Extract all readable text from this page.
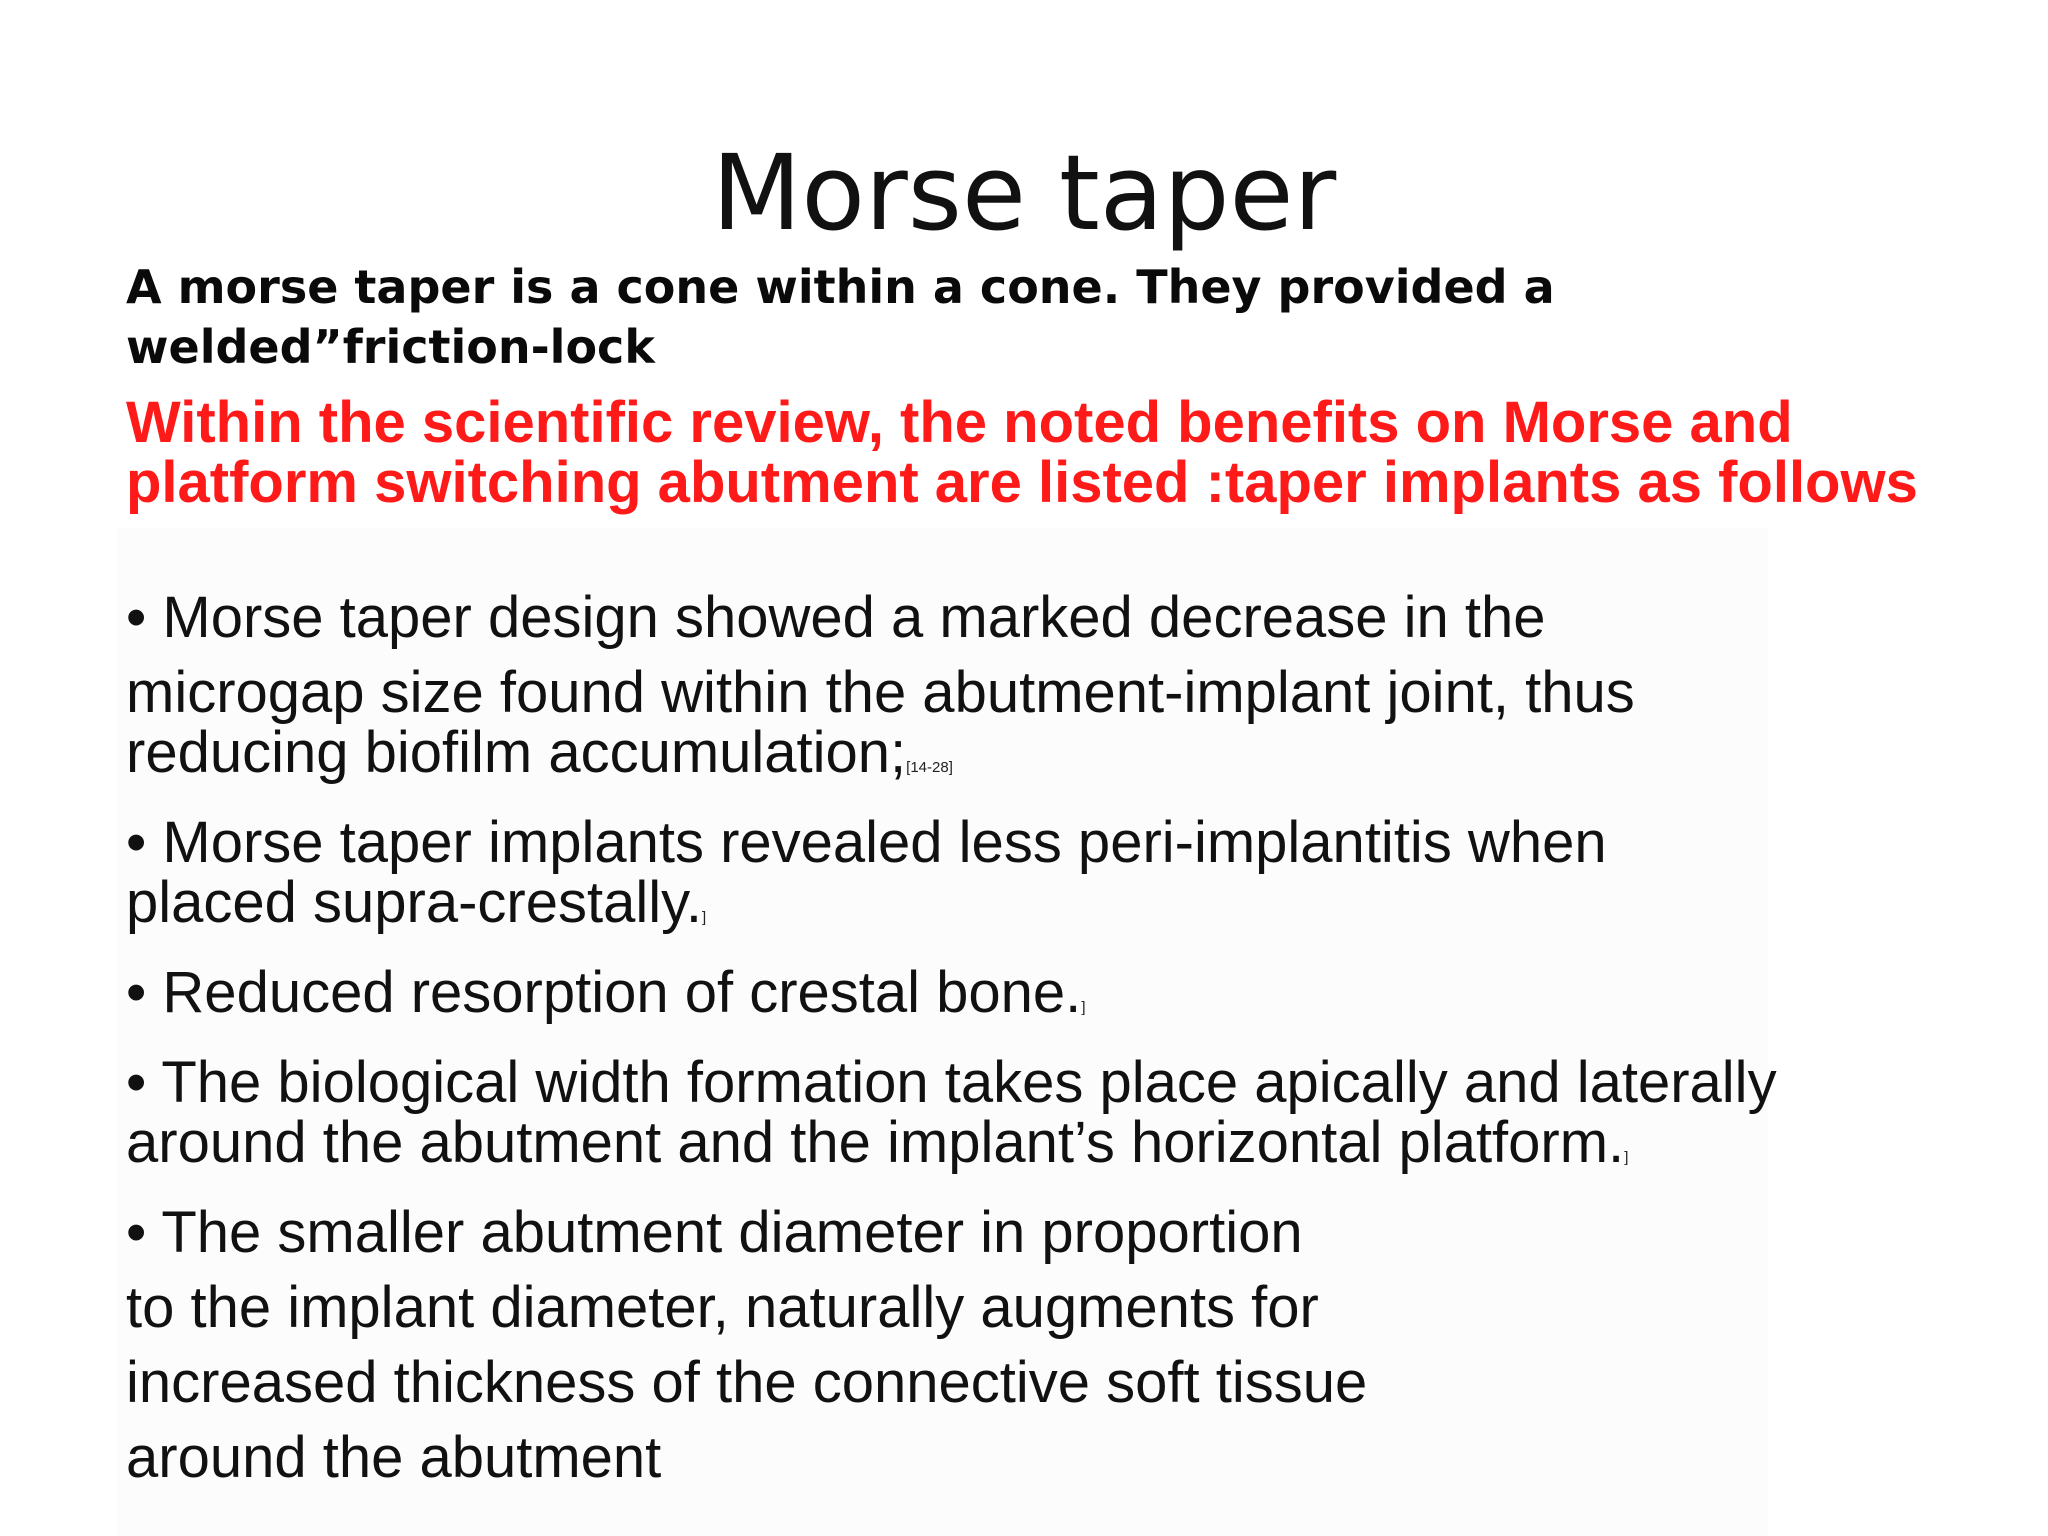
Morse taper

A morse taper is a cone within a cone. They provided a welded”friction-lock

Within the scientific review, the noted benefits on Morse and platform switching abutment are listed :taper implants as follows

• Morse taper design showed a marked decrease in the

microgap size found within the abutment-implant joint, thus

reducing biofilm accumulation;[14-28]

• Morse taper implants revealed less peri-implantitis when

placed supra-crestally.]

• Reduced resorption of crestal bone.]

• The biological width formation takes place apically and laterally

around the abutment and the implant’s horizontal platform.]

• The smaller abutment diameter in proportion

to the implant diameter, naturally augments for

increased thickness of the connective soft tissue

around the abutment
